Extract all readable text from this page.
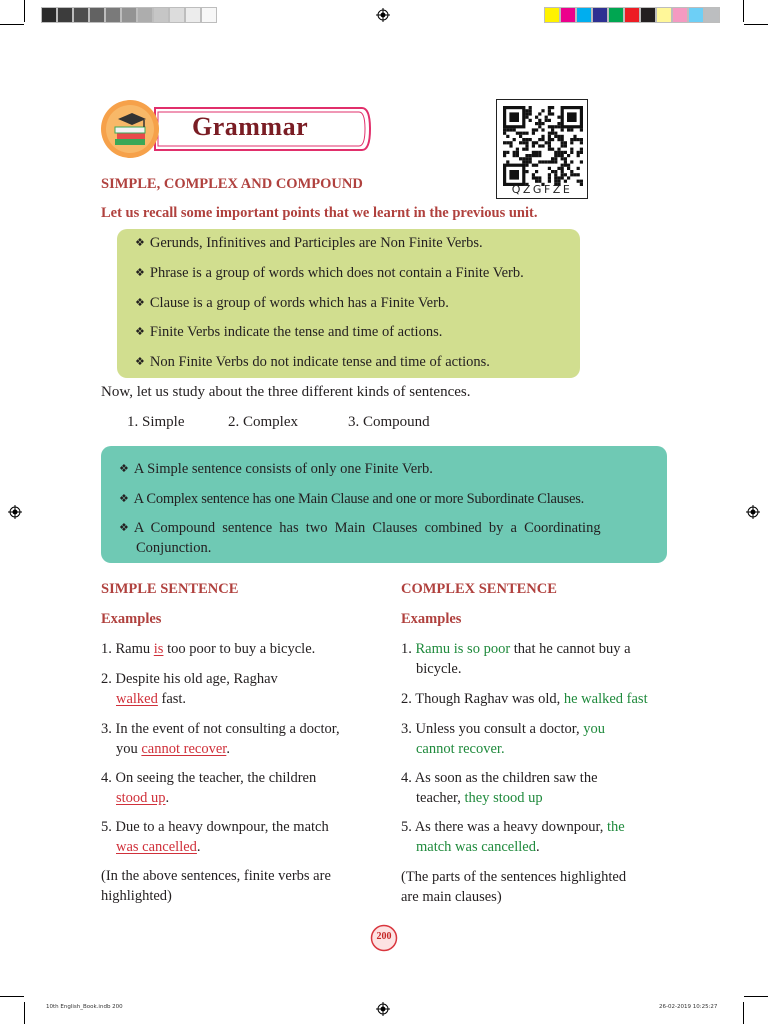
Grammar
QZGFZE
SIMPLE, COMPLEX AND COMPOUND
Let us recall some important points that we learnt in the previous unit.
❖ Gerunds, Infinitives and Participles are Non Finite Verbs.
❖ Phrase is a group of words which does not contain a Finite Verb.
❖ Clause is a group of words which has a Finite Verb.
❖ Finite Verbs indicate the tense and time of actions.
❖ Non Finite Verbs do not indicate tense and time of actions.
Now, let us study about the three different kinds of sentences.
1. Simple	2. Complex	3. Compound
❖ A Simple sentence consists of only one Finite Verb.
❖ A Complex sentence has one Main Clause and one or more Subordinate Clauses.
❖ A Compound sentence has two Main Clauses combined by a Coordinating
Conjunction.
SIMPLE SENTENCE
Examples
1. Ramu is too poor to buy a bicycle.
2. Despite his old age, Raghav
walked fast.
3. In the event of not consulting a doctor,
you cannot recover.
4. On seeing the teacher, the children
stood up.
5. Due to a heavy downpour, the match
was cancelled.
(In the above sentences, finite verbs are
highlighted)
COMPLEX SENTENCE
Examples
1. Ramu is so poor that he cannot buy a
bicycle.
2. Though Raghav was old, he walked fast
3. Unless you consult a doctor, you
cannot recover.
4. As soon as the children saw the
teacher, they stood up
5. As there was a heavy downpour, the
match was cancelled.
(The parts of the sentences highlighted
are main clauses)
200
10th English_Book.indb 200	26-02-2019 10:25:27
